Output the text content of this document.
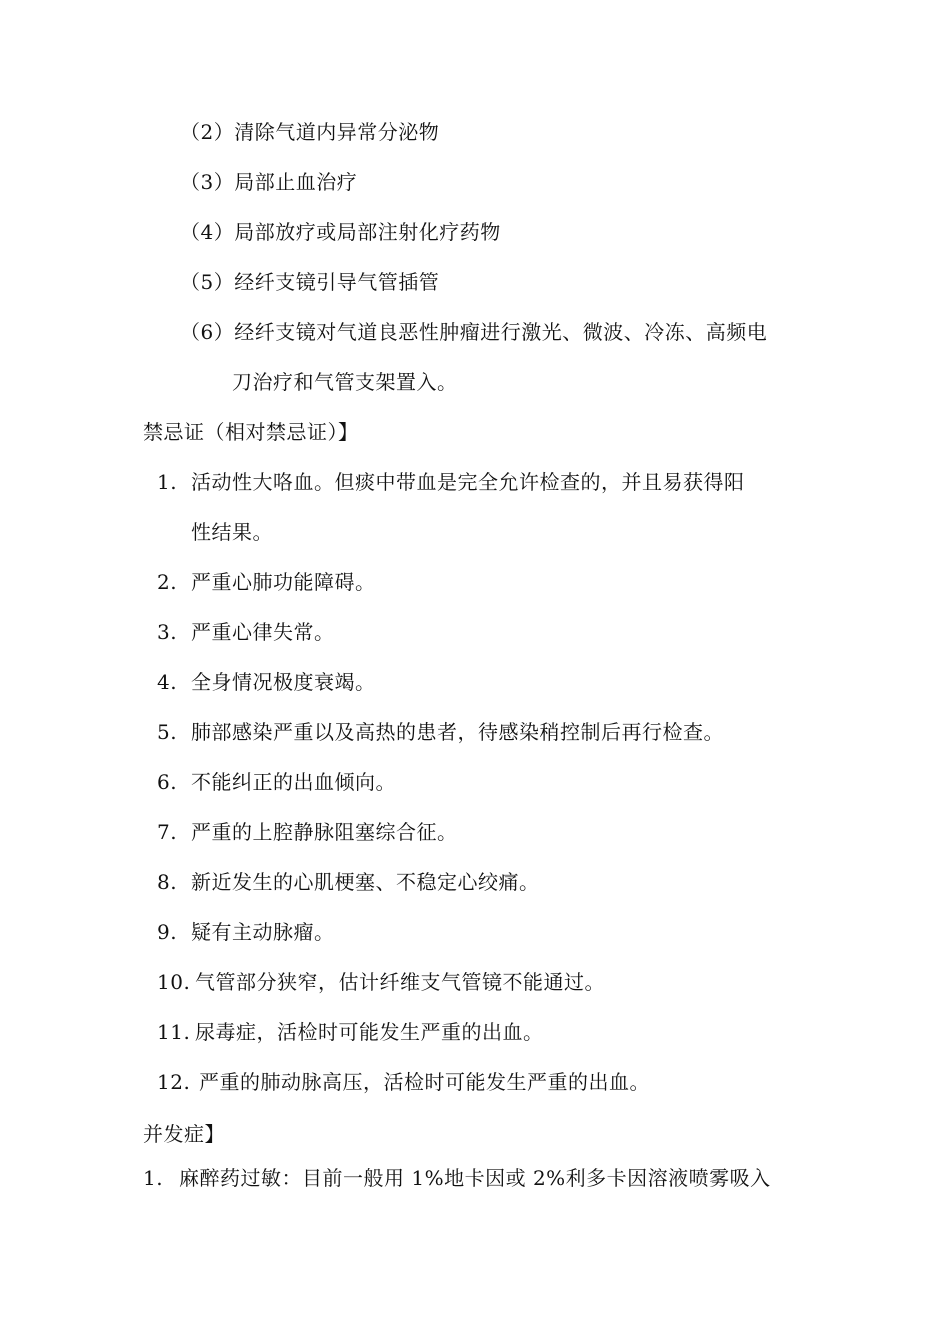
（2）清除气道内异常分泌物
（3）局部止血治疗
（4）局部放疗或局部注射化疗药物
（5）经纤支镜引导气管插管
（6）经纤支镜对气道良恶性肿瘤进行激光、微波、冷冻、高频电
刀治疗和气管支架置入。
禁忌证（相对禁忌证）】
1. 活动性大咯血。但痰中带血是完全允许检查的，并且易获得阳
性结果。
2. 严重心肺功能障碍。
3. 严重心律失常。
4. 全身情况极度衰竭。
5. 肺部感染严重以及高热的患者，待感染稍控制后再行检查。
6. 不能纠正的出血倾向。
7. 严重的上腔静脉阻塞综合征。
8. 新近发生的心肌梗塞、不稳定心绞痛。
9. 疑有主动脉瘤。
10. 气管部分狭窄，估计纤维支气管镜不能通过。
11. 尿毒症，活检时可能发生严重的出血。
12. 严重的肺动脉高压，活检时可能发生严重的出血。
并发症】
1. 麻醉药过敏：目前一般用 1%地卡因或 2%利多卡因溶液喷雾吸入
